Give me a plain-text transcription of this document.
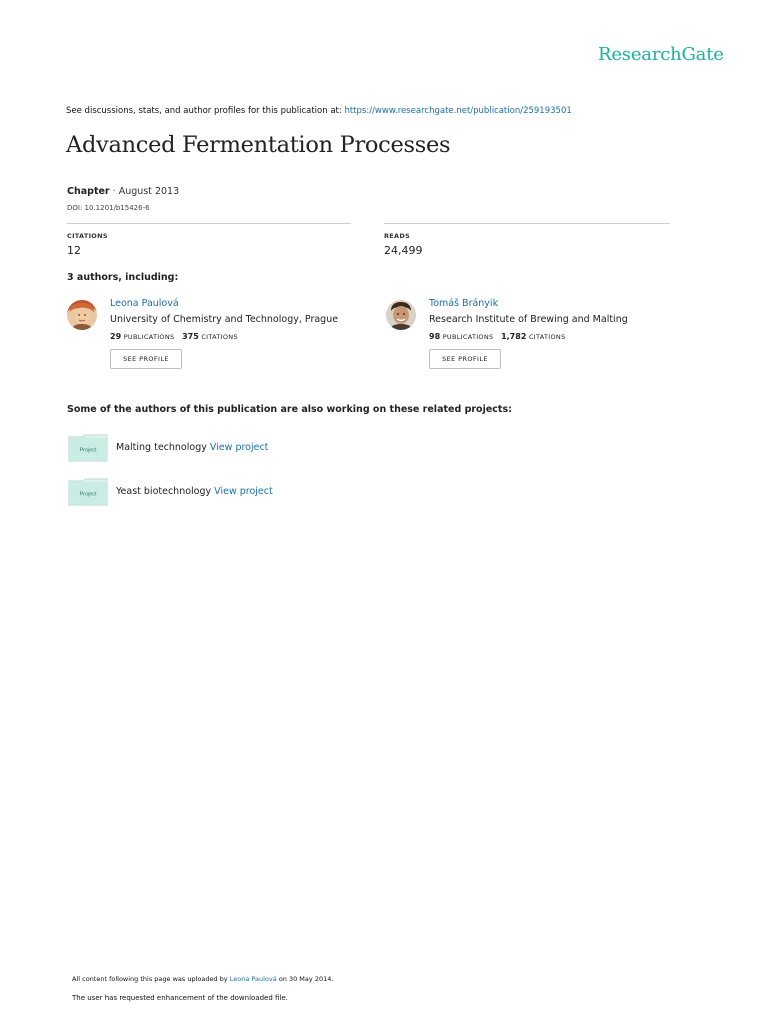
ResearchGate
See discussions, stats, and author profiles for this publication at: https://www.researchgate.net/publication/259193501
Advanced Fermentation Processes
Chapter · August 2013
DOI: 10.1201/b15426-6
CITATIONS
12
READS
24,499
3 authors, including:
Leona Paulová
University of Chemistry and Technology, Prague
29 PUBLICATIONS 375 CITATIONS
SEE PROFILE
Tomáš Brányik
Research Institute of Brewing and Malting
98 PUBLICATIONS 1,782 CITATIONS
SEE PROFILE
Some of the authors of this publication are also working on these related projects:
Project Malting technology View project
Project Yeast biotechnology View project
All content following this page was uploaded by Leona Paulová on 30 May 2014.
The user has requested enhancement of the downloaded file.
